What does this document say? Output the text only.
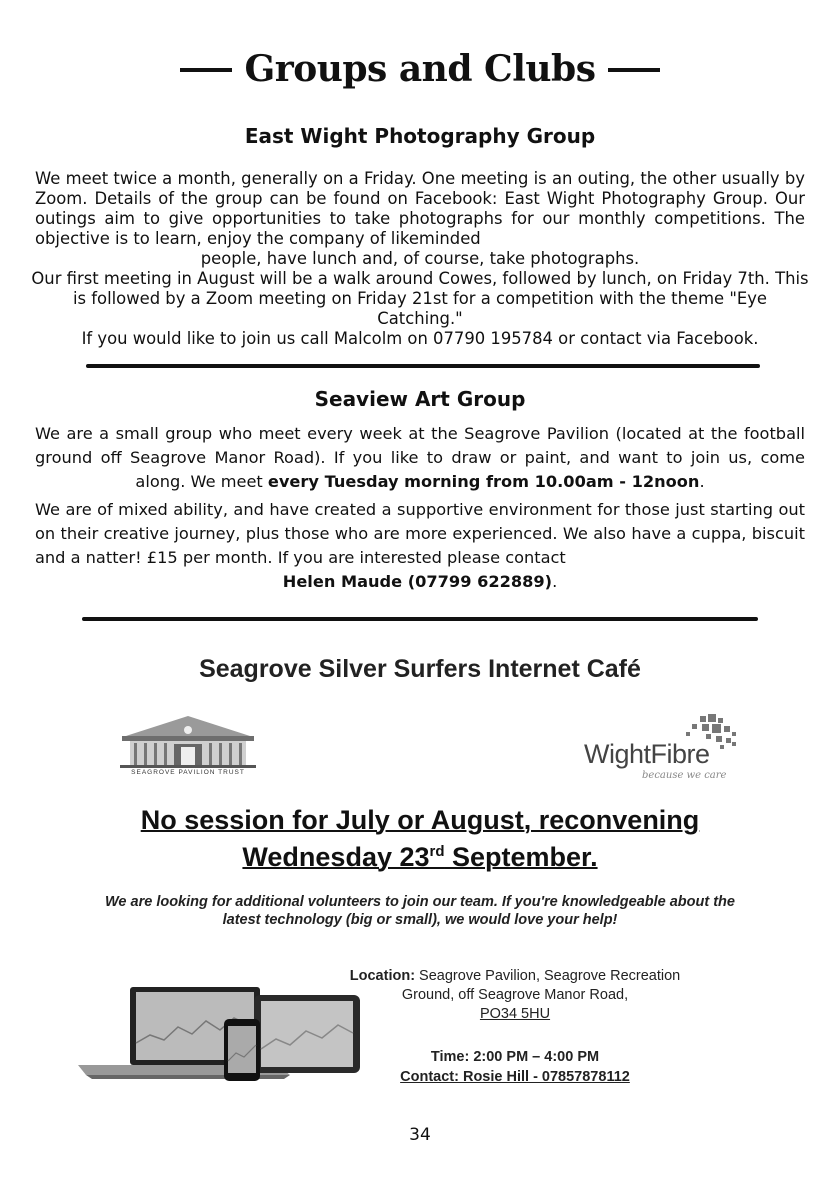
Groups and Clubs
East Wight Photography Group
We meet twice a month, generally on a Friday. One meeting is an outing, the other usually by Zoom. Details of the group can be found on Facebook: East Wight Photography Group. Our outings aim to give opportunities to take photographs for our monthly competitions. The objective is to learn, enjoy the company of likeminded
people, have lunch and, of course, take photographs.
Our first meeting in August will be a walk around Cowes, followed by lunch, on Friday 7th. This is followed by a Zoom meeting on Friday 21st for a competition with the theme "Eye Catching."
If you would like to join us call Malcolm on 07790 195784 or contact via Facebook.
Seaview Art Group
We are a small group who meet every week at the Seagrove Pavilion (located at the football ground off Seagrove Manor Road). If you like to draw or paint, and want to join us, come along. We meet every Tuesday morning from 10.00am - 12noon.
We are of mixed ability, and have created a supportive environment for those just starting out on their creative journey, plus those who are more experienced. We also have a cuppa, biscuit and a natter! £15 per month. If you are interested please contact
Helen Maude (07799 622889).
Seagrove Silver Surfers Internet Café
SEAGROVE PAVILION TRUST
WightFibre
because we care
No session for July or August, reconvening
Wednesday 23rd September.
We are looking for additional volunteers to join our team. If you're knowledgeable about the latest technology (big or small), we would love your help!
Location: Seagrove Pavilion, Seagrove Recreation Ground, off Seagrove Manor Road,
PO34 5HU
Time: 2:00 PM – 4:00 PM
Contact: Rosie Hill - 07857878112
34
